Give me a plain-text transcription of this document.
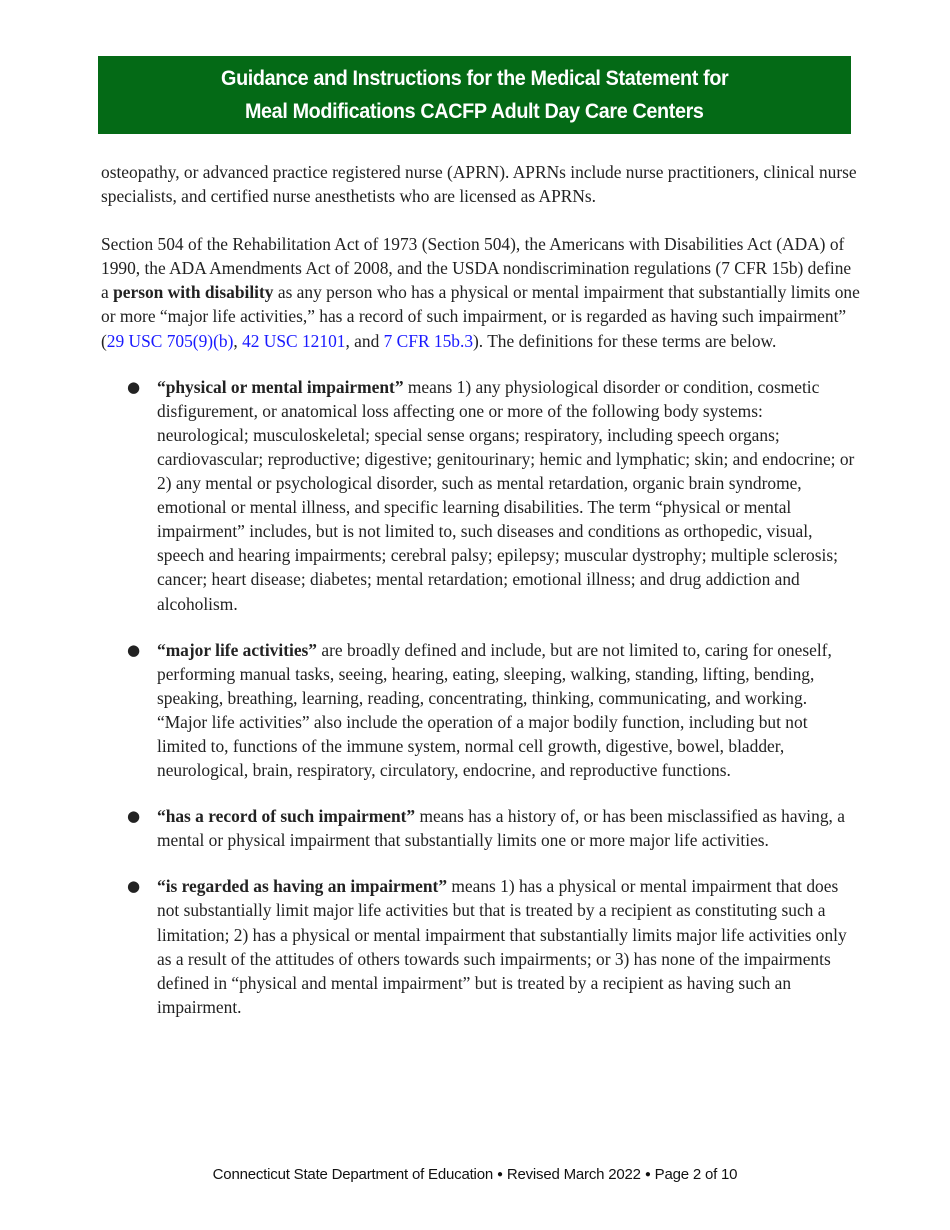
Guidance and Instructions for the Medical Statement for
Meal Modifications CACFP Adult Day Care Centers

osteopathy, or advanced practice registered nurse (APRN). APRNs include nurse practitioners, clinical nurse specialists, and certified nurse anesthetists who are licensed as APRNs.

Section 504 of the Rehabilitation Act of 1973 (Section 504), the Americans with Disabilities Act (ADA) of 1990, the ADA Amendments Act of 2008, and the USDA nondiscrimination regulations (7 CFR 15b) define a person with disability as any person who has a physical or mental impairment that substantially limits one or more “major life activities,” has a record of such impairment, or is regarded as having such impairment” (29 USC 705(9)(b), 42 USC 12101, and 7 CFR 15b.3). The definitions for these terms are below.

● “physical or mental impairment” means 1) any physiological disorder or condition, cosmetic disfigurement, or anatomical loss affecting one or more of the following body systems: neurological; musculoskeletal; special sense organs; respiratory, including speech organs; cardiovascular; reproductive; digestive; genitourinary; hemic and lymphatic; skin; and endocrine; or 2) any mental or psychological disorder, such as mental retardation, organic brain syndrome, emotional or mental illness, and specific learning disabilities. The term “physical or mental impairment” includes, but is not limited to, such diseases and conditions as orthopedic, visual, speech and hearing impairments; cerebral palsy; epilepsy; muscular dystrophy; multiple sclerosis; cancer; heart disease; diabetes; mental retardation; emotional illness; and drug addiction and alcoholism.
● “major life activities” are broadly defined and include, but are not limited to, caring for oneself, performing manual tasks, seeing, hearing, eating, sleeping, walking, standing, lifting, bending, speaking, breathing, learning, reading, concentrating, thinking, communicating, and working. “Major life activities” also include the operation of a major bodily function, including but not limited to, functions of the immune system, normal cell growth, digestive, bowel, bladder, neurological, brain, respiratory, circulatory, endocrine, and reproductive functions.
● “has a record of such impairment” means has a history of, or has been misclassified as having, a mental or physical impairment that substantially limits one or more major life activities.
● “is regarded as having an impairment” means 1) has a physical or mental impairment that does not substantially limit major life activities but that is treated by a recipient as constituting such a limitation; 2) has a physical or mental impairment that substantially limits major life activities only as a result of the attitudes of others towards such impairments; or 3) has none of the impairments defined in “physical and mental impairment” but is treated by a recipient as having such an impairment.
Connecticut State Department of Education ● Revised March 2022 ● Page 2 of 10
